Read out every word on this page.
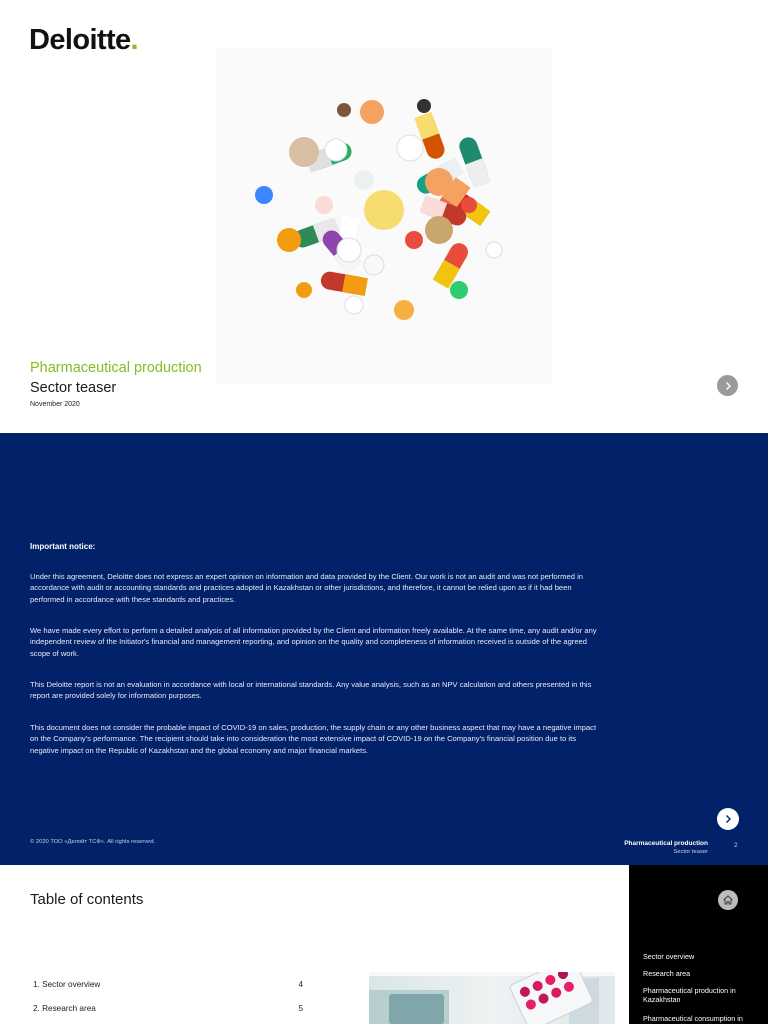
Deloitte.
Pharmaceutical production
Sector teaser
November 2020
Important notice:

Under this agreement, Deloitte does not express an expert opinion on information and data provided by the Client. Our work is not an audit and was not performed in accordance with audit or accounting standards and practices adopted in Kazakhstan or other jurisdictions, and therefore, it cannot be relied upon as if it had been performed in accordance with these standards and practices.

We have made every effort to perform a detailed analysis of all information provided by the Client and information freely available. At the same time, any audit and/or any independent review of the Initiator's financial and management reporting, and opinion on the quality and completeness of information received is outside of the agreed scope of work.

This Deloitte report is not an evaluation in accordance with local or international standards. Any value analysis, such as an NPV calculation and others presented in this report are provided solely for information purposes.

This document does not consider the probable impact of COVID-19 on sales, production, the supply chain or any other business aspect that may have a negative impact on the Company's performance. The recipient should take into consideration the most extensive impact of COVID-19 on the Company's financial position due to its negative impact on the Republic of Kazakhstan and the global economy and major financial markets.

© 2020 ТОО «Делойт ТСФ». All rights reserved.	Pharmaceutical production
Sector teaser
2
Table of contents
1. Sector overview	4
2. Research area	5
Sector overview
Research area
Pharmaceutical production in Kazakhstan
Pharmaceutical consumption in
